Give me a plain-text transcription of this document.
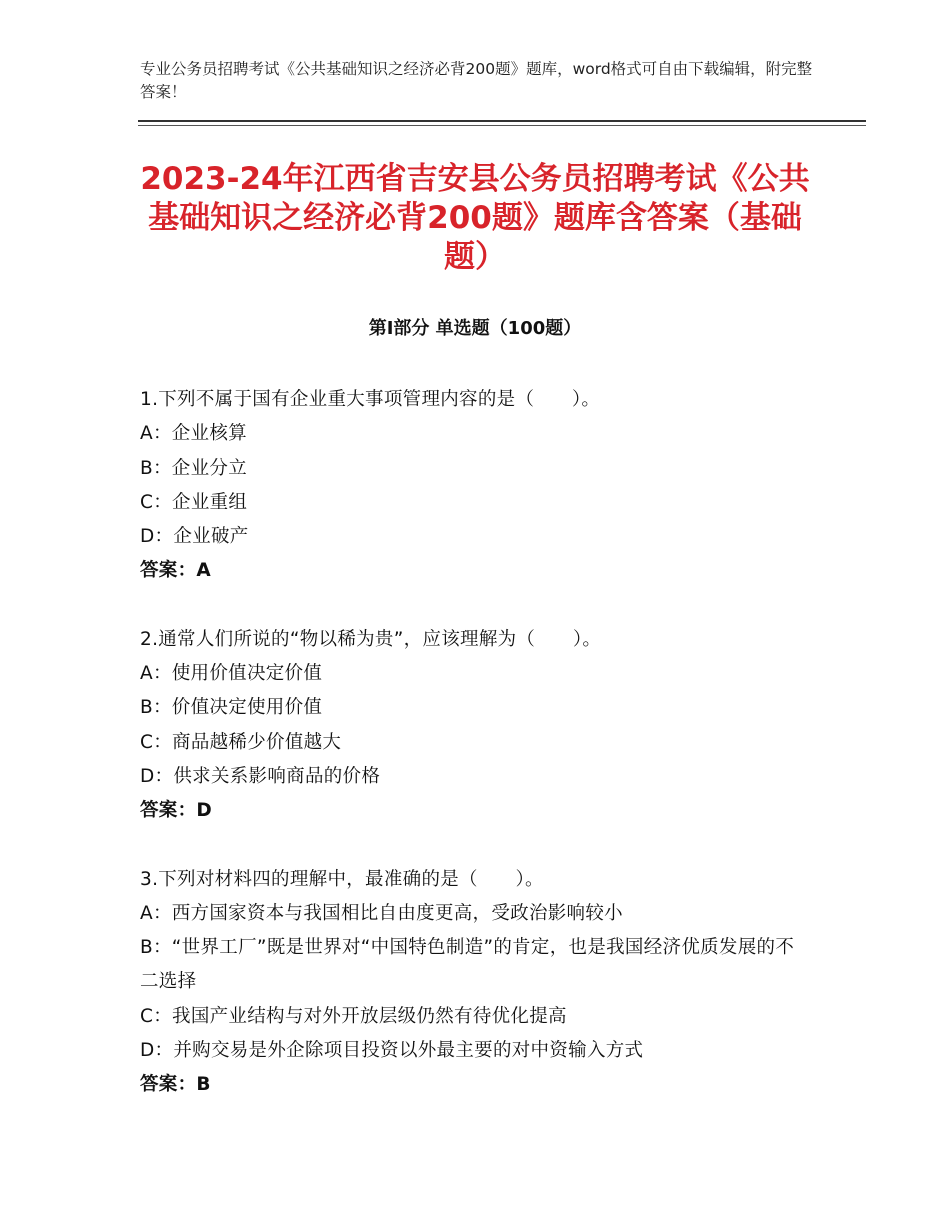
专业公务员招聘考试《公共基础知识之经济必背200题》题库，word格式可自由下载编辑，附完整答案！
2023-24年江西省吉安县公务员招聘考试《公共基础知识之经济必背200题》题库含答案（基础题）
第Ⅰ部分 单选题（100题）
1.下列不属于国有企业重大事项管理内容的是（　　）。
A：企业核算
B：企业分立
C：企业重组
D：企业破产
答案：A
2.通常人们所说的“物以稀为贵”，应该理解为（　　）。
A：使用价值决定价值
B：价值决定使用价值
C：商品越稀少价值越大
D：供求关系影响商品的价格
答案：D
3.下列对材料四的理解中，最准确的是（　　）。
A：西方国家资本与我国相比自由度更高，受政治影响较小
B：“世界工厂”既是世界对“中国特色制造”的肯定，也是我国经济优质发展的不二选择
C：我国产业结构与对外开放层级仍然有待优化提高
D：并购交易是外企除项目投资以外最主要的对中资输入方式
答案：B
